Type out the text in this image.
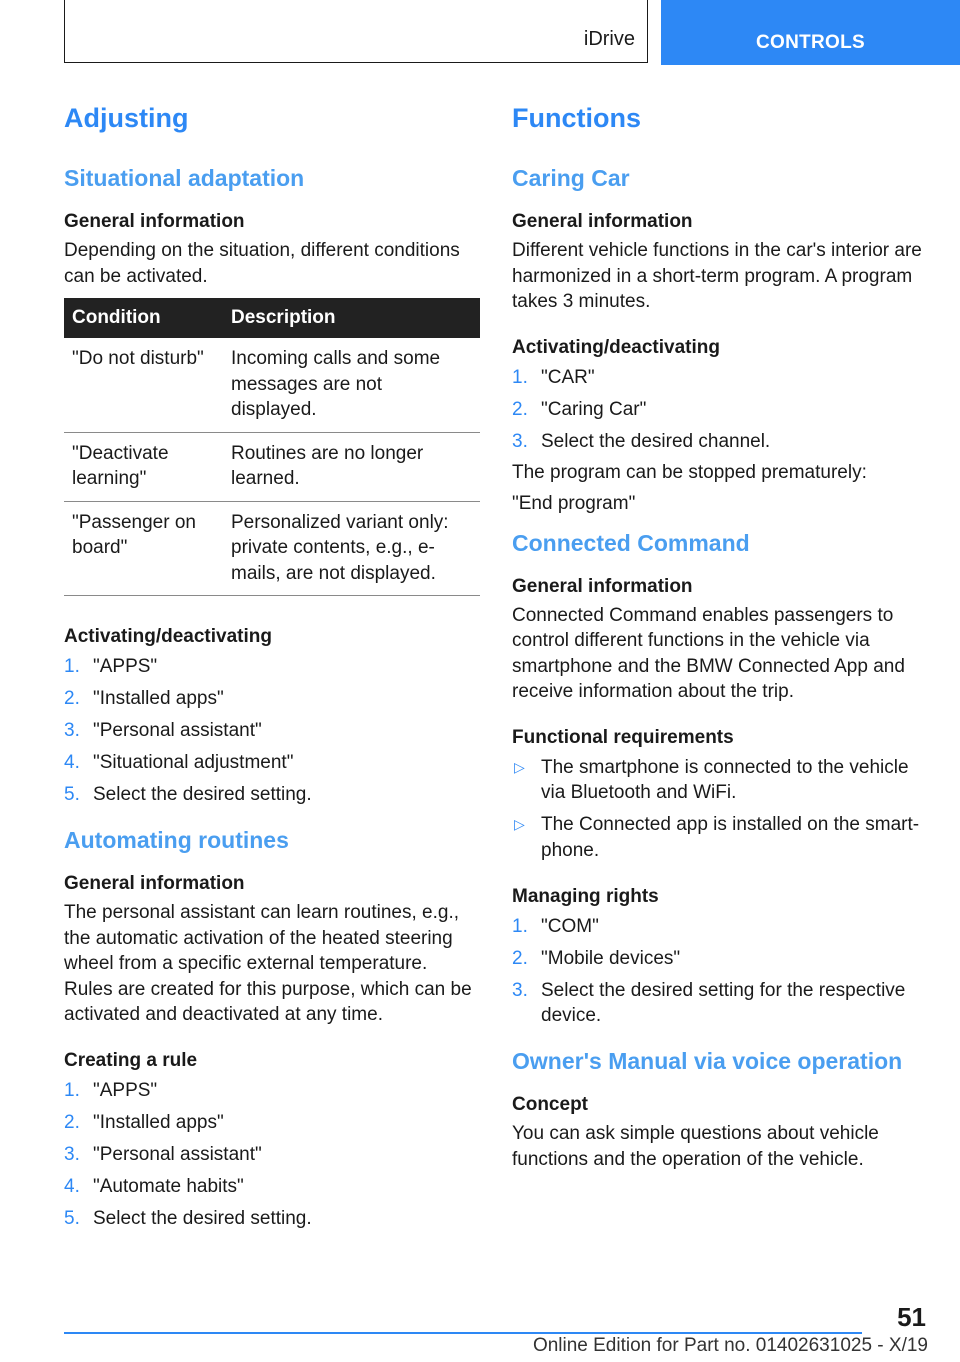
iDrive	CONTROLS
Adjusting
Situational adaptation
General information

Depending on the situation, different conditions can be activated.

Condition	Description
"Do not disturb"	Incoming calls and some messages are not displayed.
"Deactivate learning"	Routines are no longer learned.
"Passenger on board"	Personalized variant only: private contents, e.g., e-mails, are not displayed.
Activating/deactivating
1. "APPS"
2. "Installed apps"
3. "Personal assistant"
4. "Situational adjustment"
5. Select the desired setting.
Automating routines
General information

The personal assistant can learn routines, e.g., the automatic activation of the heated steering wheel from a specific external temperature. Rules are created for this purpose, which can be activated and deactivated at any time.

Creating a rule
1. "APPS"
2. "Installed apps"
3. "Personal assistant"
4. "Automate habits"
5. Select the desired setting.
Functions
Caring Car
General information

Different vehicle functions in the car's interior are harmonized in a short-term program. A program takes 3 minutes.

Activating/deactivating
1. "CAR"
2. "Caring Car"
3. Select the desired channel.

The program can be stopped prematurely:

"End program"

Connected Command
General information

Connected Command enables passengers to control different functions in the vehicle via smartphone and the BMW Connected App and receive information about the trip.

Functional requirements
▷ The smartphone is connected to the vehicle via Bluetooth and WiFi.
▷ The Connected app is installed on the smart-phone.
Managing rights
1. "COM"
2. "Mobile devices"
3. Select the desired setting for the respective device.
Owner's Manual via voice operation
Concept

You can ask simple questions about vehicle functions and the operation of the vehicle.

51
Online Edition for Part no. 01402631025 - X/19
